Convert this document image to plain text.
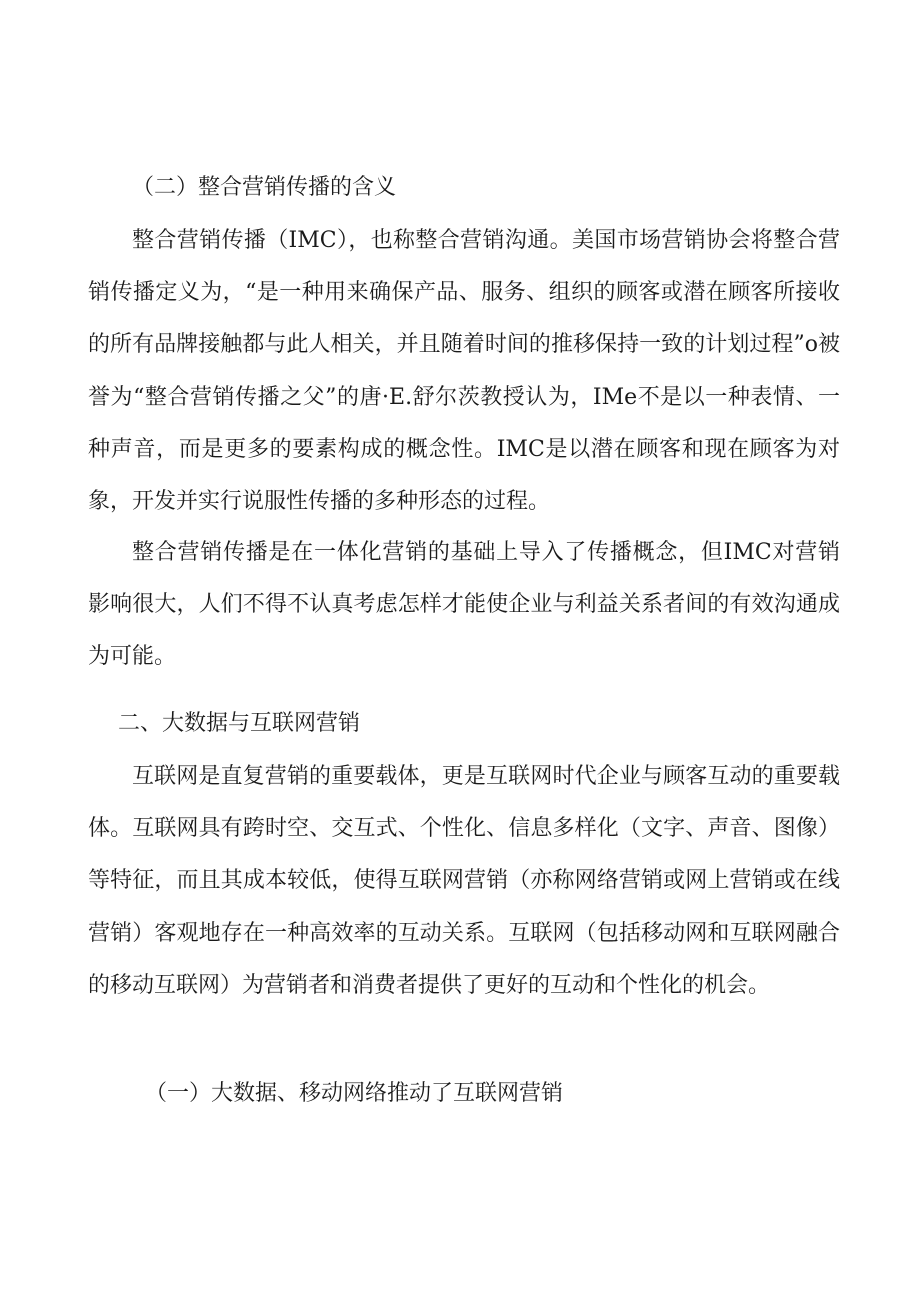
（二）整合营销传播的含义

整合营销传播（IMC），也称整合营销沟通。美国市场营销协会将整合营销传播定义为，“是一种用来确保产品、服务、组织的顾客或潜在顾客所接收的所有品牌接触都与此人相关，并且随着时间的推移保持一致的计划过程”o被誉为“整合营销传播之父”的唐·E.舒尔茨教授认为，IMe不是以一种表情、一种声音，而是更多的要素构成的概念性。IMC是以潜在顾客和现在顾客为对象，开发并实行说服性传播的多种形态的过程。

整合营销传播是在一体化营销的基础上导入了传播概念，但IMC对营销影响很大，人们不得不认真考虑怎样才能使企业与利益关系者间的有效沟通成为可能。

二、大数据与互联网营销

互联网是直复营销的重要载体，更是互联网时代企业与顾客互动的重要载体。互联网具有跨时空、交互式、个性化、信息多样化（文字、声音、图像）等特征，而且其成本较低，使得互联网营销（亦称网络营销或网上营销或在线营销）客观地存在一种高效率的互动关系。互联网（包括移动网和互联网融合的移动互联网）为营销者和消费者提供了更好的互动和个性化的机会。

（一）大数据、移动网络推动了互联网营销
